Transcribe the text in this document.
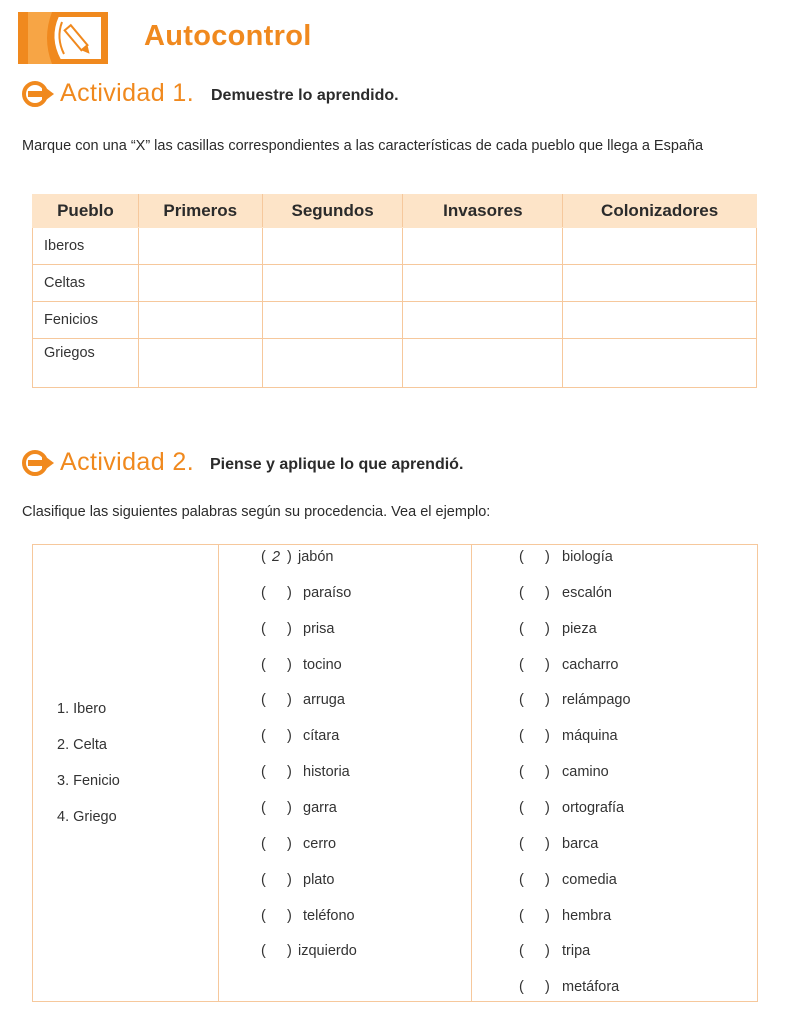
Autocontrol
Actividad 1. Demuestre lo aprendido.
Marque con una “X” las casillas correspondientes a las características de cada pueblo que llega a España
Pueblo	Primeros	Segundos	Invasores	Colonizadores
Iberos				
Celtas				
Fenicios				
Griegos				
Actividad 2. Piense y aplique lo que aprendió.
Clasifique las siguientes palabras según su procedencia. Vea el ejemplo:
1. Ibero
2. Celta
3. Fenicio
4. Griego
( 2 ) jabón
( ) paraíso
( ) prisa
( ) tocino
( ) arruga
( ) cítara
( ) historia
( ) garra
( ) cerro
( ) plato
( ) teléfono
( ) izquierdo
( ) biología
( ) escalón
( ) pieza
( ) cacharro
( ) relámpago
( ) máquina
( ) camino
( ) ortografía
( ) barca
( ) comedia
( ) hembra
( ) tripa
( ) metáfora
